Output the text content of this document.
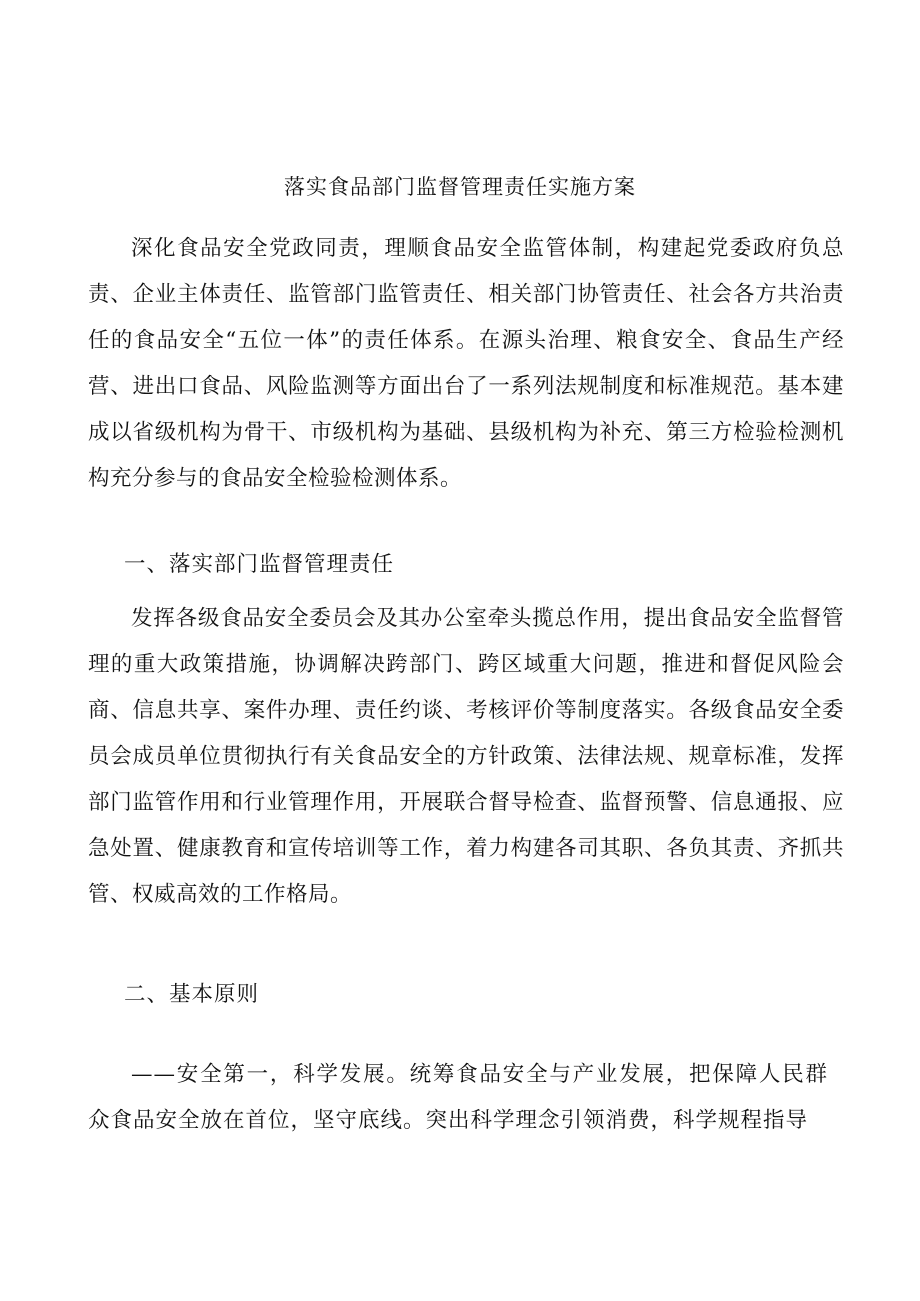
落实食品部门监督管理责任实施方案

深化食品安全党政同责，理顺食品安全监管体制，构建起党委政府负总责、企业主体责任、监管部门监管责任、相关部门协管责任、社会各方共治责任的食品安全“五位一体”的责任体系。在源头治理、粮食安全、食品生产经营、进出口食品、风险监测等方面出台了一系列法规制度和标准规范。基本建成以省级机构为骨干、市级机构为基础、县级机构为补充、第三方检验检测机构充分参与的食品安全检验检测体系。

一、落实部门监督管理责任

发挥各级食品安全委员会及其办公室牵头揽总作用，提出食品安全监督管理的重大政策措施，协调解决跨部门、跨区域重大问题，推进和督促风险会商、信息共享、案件办理、责任约谈、考核评价等制度落实。各级食品安全委员会成员单位贯彻执行有关食品安全的方针政策、法律法规、规章标准，发挥部门监管作用和行业管理作用，开展联合督导检查、监督预警、信息通报、应急处置、健康教育和宣传培训等工作，着力构建各司其职、各负其责、齐抓共管、权威高效的工作格局。

二、基本原则

——安全第一，科学发展。统筹食品安全与产业发展，把保障人民群众食品安全放在首位，坚守底线。突出科学理念引领消费，科学规程指导
